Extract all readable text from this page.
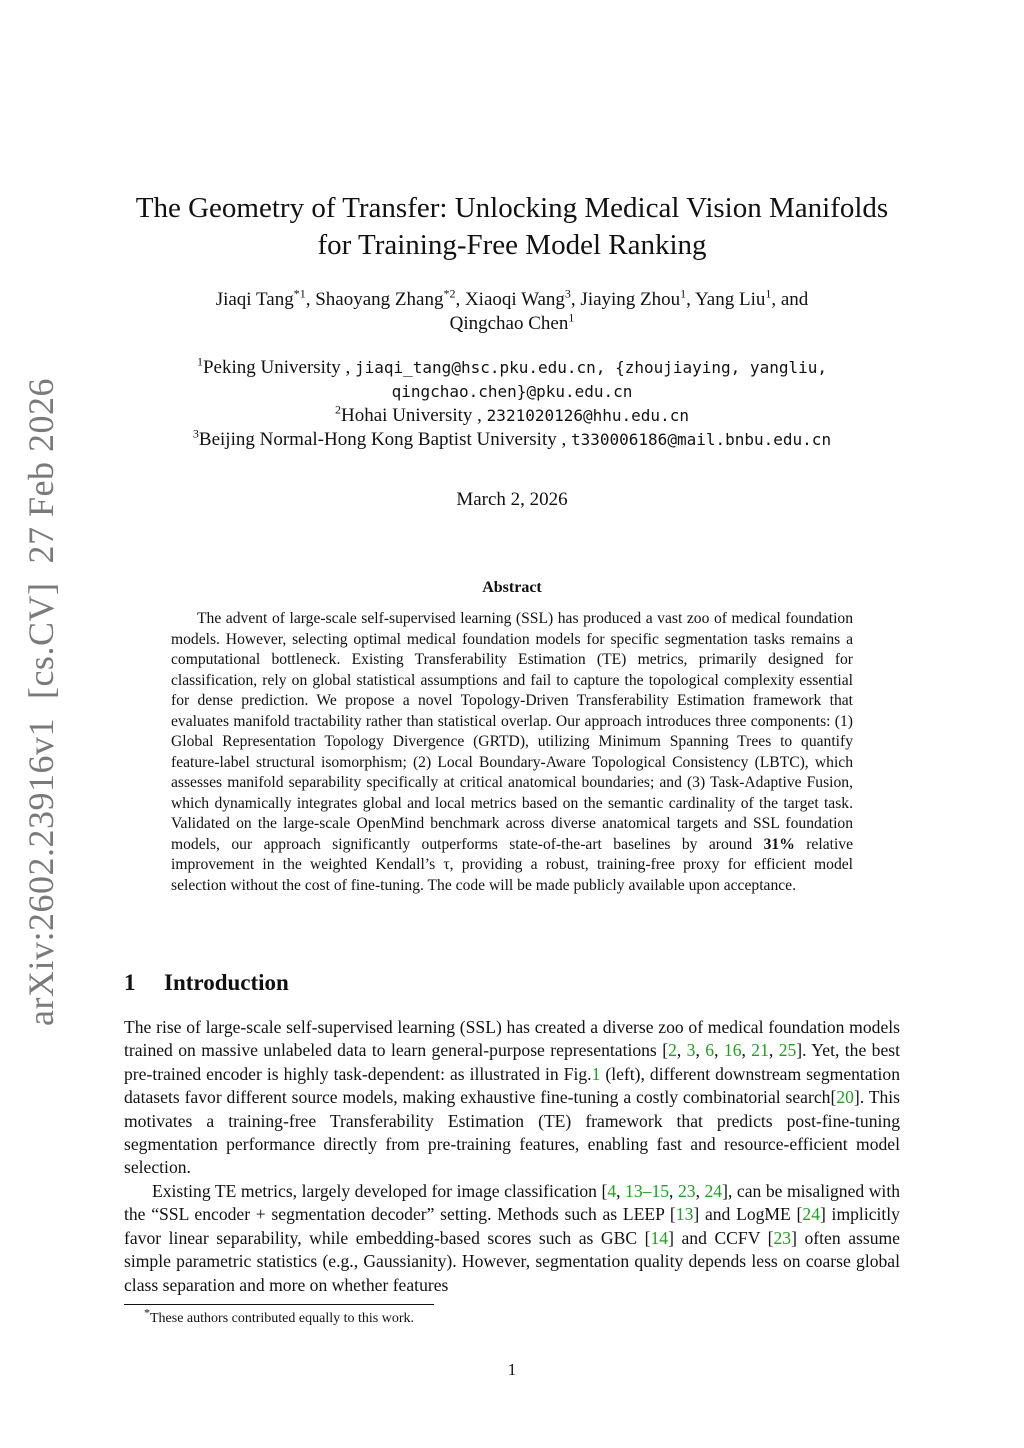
arXiv:2602.23916v1  [cs.CV]  27 Feb 2026
The Geometry of Transfer: Unlocking Medical Vision Manifolds
for Training-Free Model Ranking
Jiaqi Tang$^{*1}$, Shaoyang Zhang$^{*2}$, Xiaoqi Wang$^3$, Jiaying Zhou$^1$, Yang Liu$^1$, and
Qingchao Chen$^1$
$^1$Peking University , jiaqi_tang@hsc.pku.edu.cn, {zhoujiaying, yangliu,
qingchao.chen}@pku.edu.cn
$^2$Hohai University , 2321020126@hhu.edu.cn
$^3$Beijing Normal-Hong Kong Baptist University , t330006186@mail.bnbu.edu.cn
March 2, 2026
Abstract

The advent of large-scale self-supervised learning (SSL) has produced a vast zoo of medical foundation models. However, selecting optimal medical foundation models for specific segmentation tasks remains a computational bottleneck. Existing Transferability Estimation (TE) metrics, primarily designed for classification, rely on global statistical assumptions and fail to capture the topological complexity essential for dense prediction. We propose a novel Topology-Driven Transferability Estimation framework that evaluates manifold tractability rather than statistical overlap. Our approach introduces three components: (1) Global Representation Topology Divergence (GRTD), utilizing Minimum Spanning Trees to quantify feature-label structural isomorphism; (2) Local Boundary-Aware Topological Consistency (LBTC), which assesses manifold separability specifically at critical anatomical boundaries; and (3) Task-Adaptive Fusion, which dynamically integrates global and local metrics based on the semantic cardinality of the target task. Validated on the large-scale OpenMind benchmark across diverse anatomical targets and SSL foundation models, our approach significantly outperforms state-of-the-art baselines by around 31% relative improvement in the weighted Kendall’s τ, providing a robust, training-free proxy for efficient model selection without the cost of fine-tuning. The code will be made publicly available upon acceptance.

1 Introduction

The rise of large-scale self-supervised learning (SSL) has created a diverse zoo of medical foundation models trained on massive unlabeled data to learn general-purpose representations [2, 3, 6, 16, 21, 25]. Yet, the best pre-trained encoder is highly task-dependent: as illustrated in Fig.1 (left), different downstream segmentation datasets favor different source models, making exhaustive fine-tuning a costly combinatorial search[20]. This motivates a training-free Transferability Estimation (TE) framework that predicts post-fine-tuning segmentation performance directly from pre-training features, enabling fast and resource-efficient model selection.

Existing TE metrics, largely developed for image classification [4, 13–15, 23, 24], can be misaligned with the “SSL encoder + segmentation decoder” setting. Methods such as LEEP [13] and LogME [24] implicitly favor linear separability, while embedding-based scores such as GBC [14] and CCFV [23] often assume simple parametric statistics (e.g., Gaussianity). However, segmentation quality depends less on coarse global class separation and more on whether features

*These authors contributed equally to this work.
1
